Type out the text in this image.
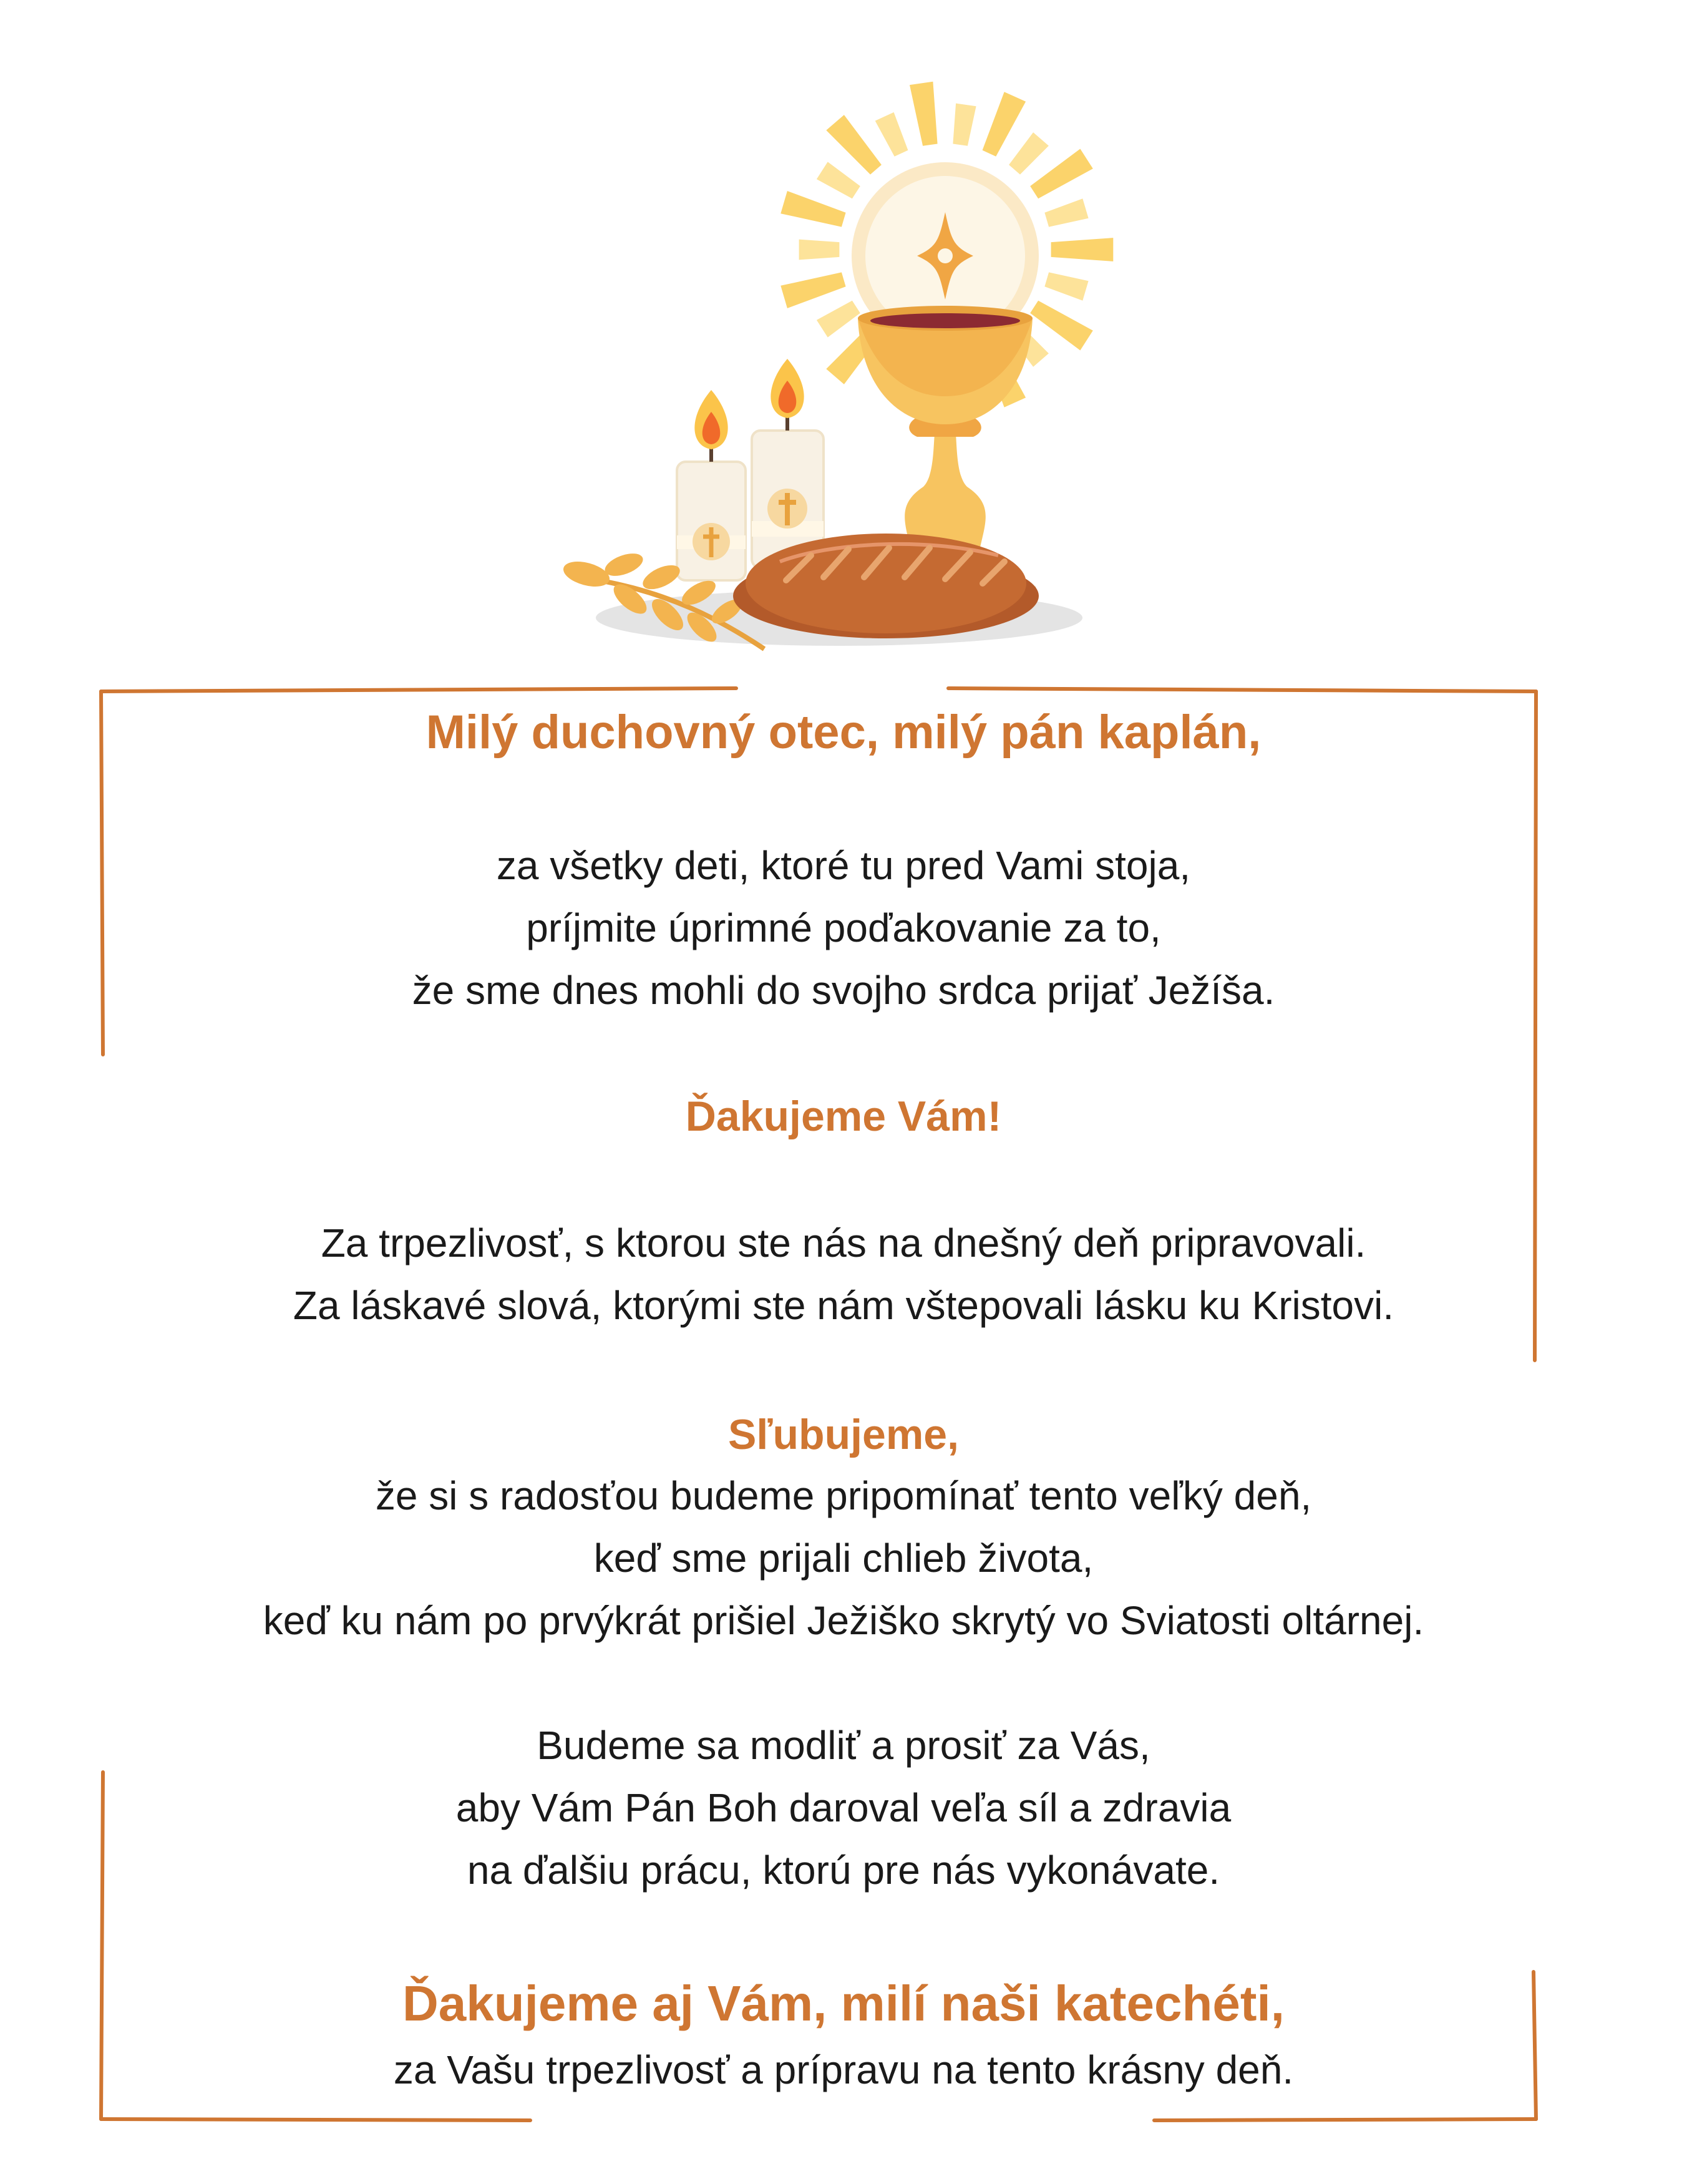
Milý duchovný otec, milý pán kaplán,
za všetky deti, ktoré tu pred Vami stoja,
príjmite úprimné poďakovanie za to,
že sme dnes mohli do svojho srdca prijať Ježíša.
Ďakujeme Vám!
Za trpezlivosť, s ktorou ste nás na dnešný deň pripravovali.
Za láskavé slová, ktorými ste nám vštepovali lásku ku Kristovi.
Sľubujeme,
že si s radosťou budeme pripomínať tento veľký deň,
keď sme prijali chlieb života,
keď ku nám po prvýkrát prišiel Ježiško skrytý vo Sviatosti oltárnej.
Budeme sa modliť a prosiť za Vás,
aby Vám Pán Boh daroval veľa síl a zdravia
na ďalšiu prácu, ktorú pre nás vykonávate.
Ďakujeme aj Vám, milí naši katechéti,
za Vašu trpezlivosť a prípravu na tento krásny deň.
